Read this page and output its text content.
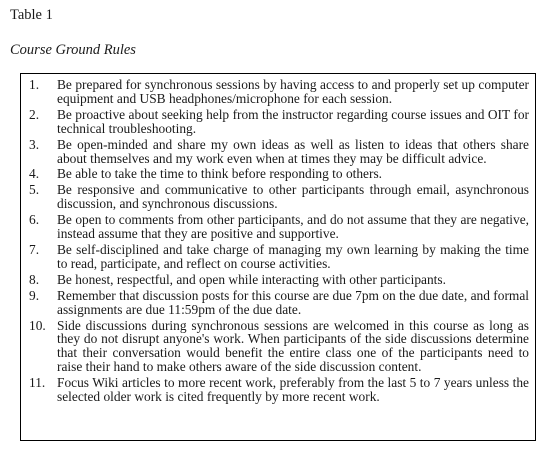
Table 1
Course Ground Rules
1.	Be prepared for synchronous sessions by having access to and properly set up computer equipment and USB headphones/microphone for each session.
2.	Be proactive about seeking help from the instructor regarding course issues and OIT for technical troubleshooting.
3.	Be open-minded and share my own ideas as well as listen to ideas that others share about themselves and my work even when at times they may be difficult advice.
4.	Be able to take the time to think before responding to others.
5.	Be responsive and communicative to other participants through email, asynchronous discussion, and synchronous discussions.
6.	Be open to comments from other participants, and do not assume that they are negative, instead assume that they are positive and supportive.
7.	Be self-disciplined and take charge of managing my own learning by making the time to read, participate, and reflect on course activities.
8.	Be honest, respectful, and open while interacting with other participants.
9.	Remember that discussion posts for this course are due 7pm on the due date, and formal assignments are due 11:59pm of the due date.
10. Side discussions during synchronous sessions are welcomed in this course as long as they do not disrupt anyone's work. When participants of the side discussions determine that their conversation would benefit the entire class one of the participants need to raise their hand to make others aware of the side discussion content.
11. Focus Wiki articles to more recent work, preferably from the last 5 to 7 years unless the selected older work is cited frequently by more recent work.
